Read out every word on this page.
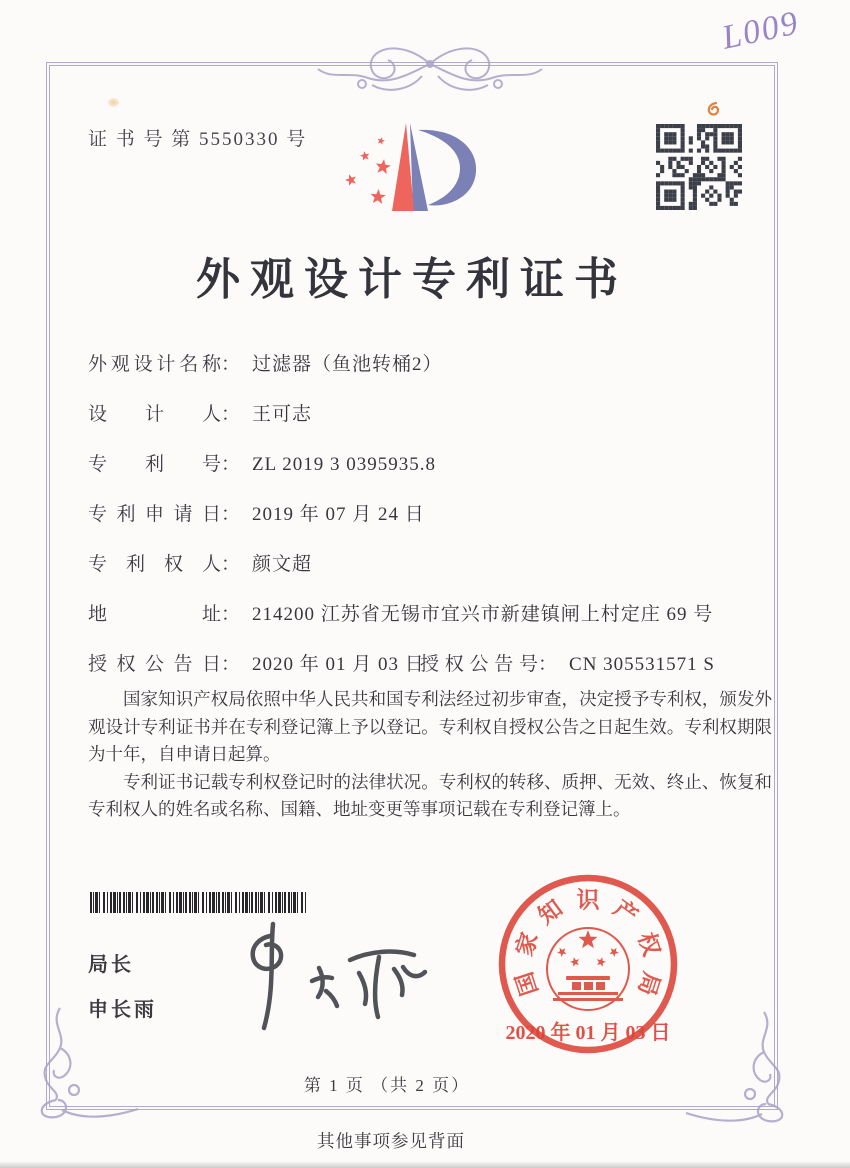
证 书 号 第 5550330 号
L009
外观设计专利证书
外观设计名称： 过滤器（鱼池转桶2）
设计人： 王可志
专利号： ZL 2019 3 0395935.8
专利申请日： 2019 年 07 月 24 日
专利权人： 颜文超
地址： 214200 江苏省无锡市宜兴市新建镇闸上村定庄 69 号
授权公告日： 2020 年 01 月 03 日
授权公告号： CN 305531571 S

国家知识产权局依照中华人民共和国专利法经过初步审查，决定授予专利权，颁发外观设计专利证书并在专利登记簿上予以登记。专利权自授权公告之日起生效。专利权期限为十年，自申请日起算。

专利证书记载专利权登记时的法律状况。专利权的转移、质押、无效、终止、恢复和专利权人的姓名或名称、国籍、地址变更等事项记载在专利登记簿上。

局长
申长雨
国
家
知 识 产
权
局
2020 年 01 月 03 日
第 1 页 （共 2 页）
其他事项参见背面
